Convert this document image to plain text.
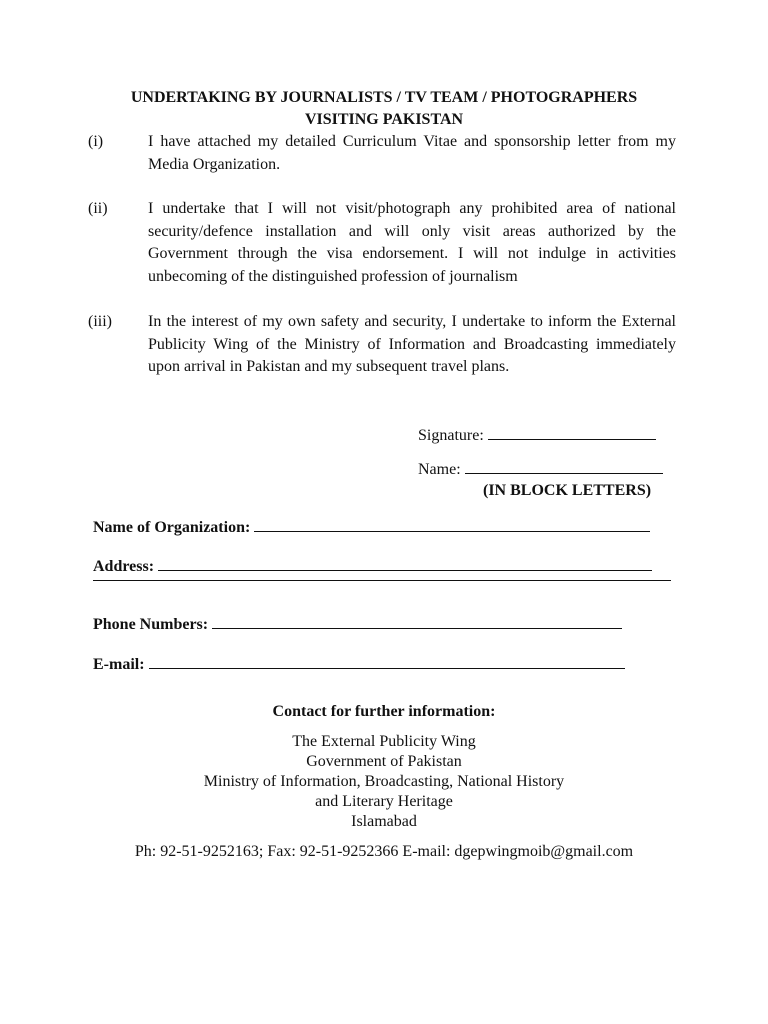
UNDERTAKING BY JOURNALISTS / TV TEAM / PHOTOGRAPHERS
VISITING PAKISTAN
(i)	I have attached my detailed Curriculum Vitae and sponsorship letter from my Media Organization.
(ii)	I undertake that I will not visit/photograph any prohibited area of national security/defence installation and will only visit areas authorized by the Government through the visa endorsement. I will not indulge in activities unbecoming of the distinguished profession of journalism
(iii) In the interest of my own safety and security, I undertake to inform the External Publicity Wing of the Ministry of Information and Broadcasting immediately upon arrival in Pakistan and my subsequent travel plans.
Signature:
Name:
(IN BLOCK LETTERS)
Name of Organization:
Address:
Phone Numbers:
E-mail:
Contact for further information:
The External Publicity Wing
Government of Pakistan
Ministry of Information, Broadcasting, National History
and Literary Heritage
Islamabad
Ph: 92-51-9252163; Fax: 92-51-9252366 E-mail: dgepwingmoib@gmail.com
